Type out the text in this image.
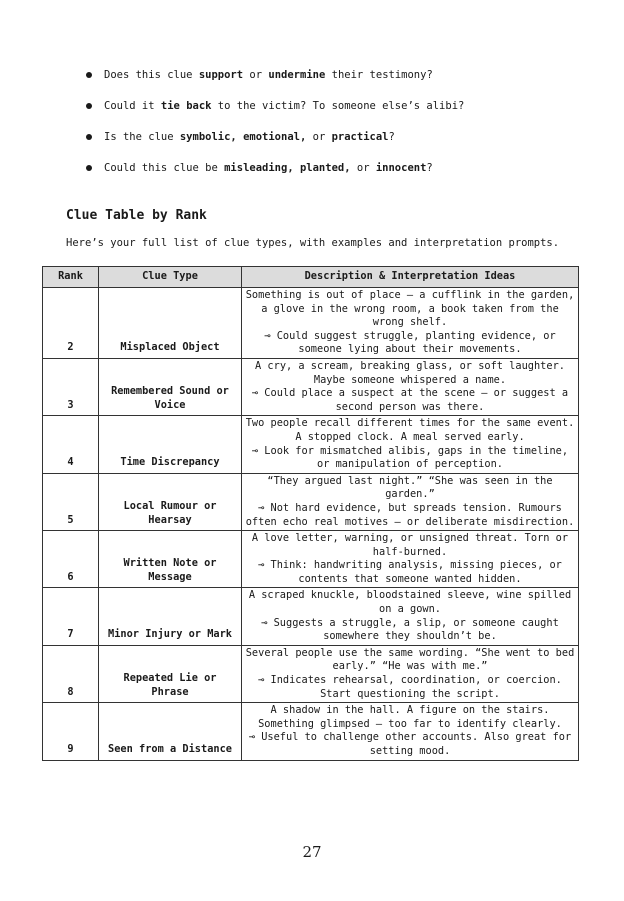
Does this clue support or undermine their testimony?
Could it tie back to the victim? To someone else’s alibi?
Is the clue symbolic, emotional, or practical?
Could this clue be misleading, planted, or innocent?
Clue Table by Rank

Here’s your full list of clue types, with examples and interpretation prompts.

Rank	Clue Type	Description & Interpretation Ideas
2	Misplaced Object	Something is out of place — a cufflink in the garden, a glove in the wrong room, a book taken from the wrong shelf.
⊸ Could suggest struggle, planting evidence, or someone lying about their movements.

3	Remembered Sound or Voice	A cry, a scream, breaking glass, or soft laughter. Maybe someone whispered a name.
⊸ Could place a suspect at the scene — or suggest a second person was there.

4	Time Discrepancy	Two people recall different times for the same event. A stopped clock. A meal served early.
⊸ Look for mismatched alibis, gaps in the timeline, or manipulation of perception.

5	Local Rumour or Hearsay	“They argued last night.” “She was seen in the garden.”
⊸ Not hard evidence, but spreads tension. Rumours often echo real motives — or deliberate misdirection.

6	Written Note or Message	A love letter, warning, or unsigned threat. Torn or half-burned.
⊸ Think: handwriting analysis, missing pieces, or contents that someone wanted hidden.

7	Minor Injury or Mark	A scraped knuckle, bloodstained sleeve, wine spilled on a gown.
⊸ Suggests a struggle, a slip, or someone caught somewhere they shouldn’t be.

8	Repeated Lie or Phrase	Several people use the same wording. “She went to bed early.” “He was with me.”
⊸ Indicates rehearsal, coordination, or coercion. Start questioning the script.

9	Seen from a Distance	A shadow in the hall. A figure on the stairs. Something glimpsed — too far to identify clearly.
⊸ Useful to challenge other accounts. Also great for setting mood.
27
